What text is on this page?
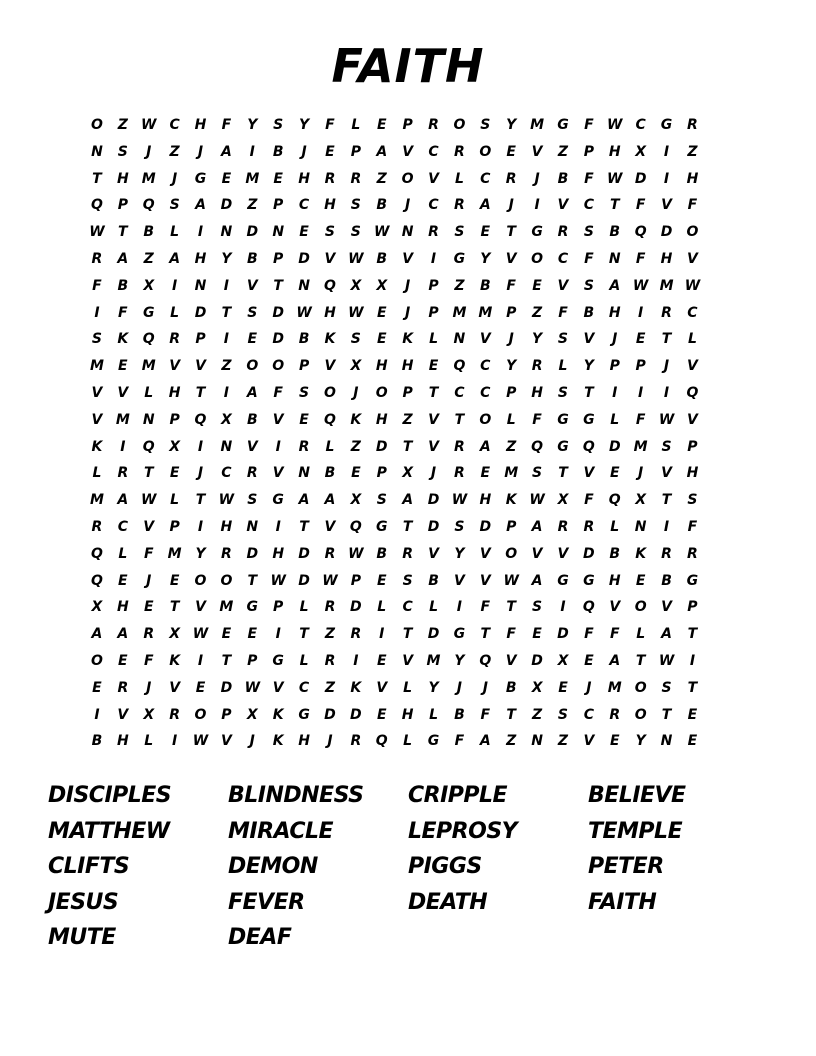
FAITH
O	Z W C	H	F	Y	S	Y	F	L	E	P	R	O	S	Y M G	F W C	G	R
N	S	J	Z	J	A	I	B	J	E	P	A	V	C	R	O	E	V	Z	P	H	X	I	Z
T	H M	J	G	E	M	E	H	R	R	Z	O	V	L	C	R	J	B	F W D	I	H
Q	P	Q	S	A	D	Z	P	C	H	S	B	J	C	R	A	J	I	V	C	T	F	V	F
W T	B	L	I	N	D	N	E	S	S W N	R	S	E	T	G	R	S	B	Q	D	O
R	A	Z	A	H	Y	B	P	D	V W B	V	I	G	Y	V	O	C	F	N	F	H	V
F	B	X	I	N	I	V	T	N	Q	X	X	J	P	Z	B	F	E	V	S	A W M W
I	F	G	L	D	T	S	D W H W E	J	P M M P	Z	F	B	H	I	R	C
S	K	Q	R	P	I	E	D	B	K	S	E	K	L	N	V	J	Y	S	V	J	E	T	L
M	E	M V	V	Z	O O	P	V	X	H	H	E	Q	C	Y	R	L	Y	P	P	J	V
V	V	L	H	T	I	A	F	S	O	J	O	P	T	C	C	P	H	S	T	I	I	I	Q
V M N	P	Q	X	B	V	E	Q	K	H	Z	V	T	O	L	F	G	G	L	F W V
K	I	Q	X	I	N	V	I	R	L	Z	D	T	V	R	A	Z	Q	G	Q	D M S	P
L	R	T	E	J	C	R	V	N	B	E	P	X	J	R	E	M S	T	V	E	J	V	H
M A W L	T W S	G	A	A	X	S	A	D W H	K W X	F	Q	X	T	S
R	C	V	P	I	H	N	I	T	V	Q	G	T	D	S	D	P	A	R	R	L	N	I	F
Q	L	F	M Y	R	D	H	D	R W B	R	V	Y	V	O	V	V	D	B	K	R	R
Q	E	J	E	O O	T W D W P	E	S	B	V	V W A	G	G	H	E	B	G
X	H	E	T	V M G	P	L	R	D	L	C	L	I	F	T	S	I	Q	V	O	V	P
A	A	R	X W E	E	I	T	Z	R	I	T	D	G	T	F	E	D	F	F	L	A	T
O	E	F	K	I	T	P	G	L	R	I	E	V M Y	Q	V	D	X	E	A	T W	I
E	R	J	V	E	D W V	C	Z	K	V	L	Y	J	J	B	X	E	J	M O	S	T
I	V	X	R	O	P	X	K	G	D	D	E	H	L	B	F	T	Z	S	C	R	O	T	E
B	H	L	I	W V	J	K	H	J	R	Q	L	G	F	A	Z	N	Z	V	E	Y	N	E
DISCIPLES	BLINDNESS	CRIPPLE	BELIEVE
MATTHEW	MIRACLE	LEPROSY	TEMPLE
CLIFTS	DEMON	PIGGS	PETER
JESUS	FEVER	DEATH	FAITH
MUTE	DEAF
